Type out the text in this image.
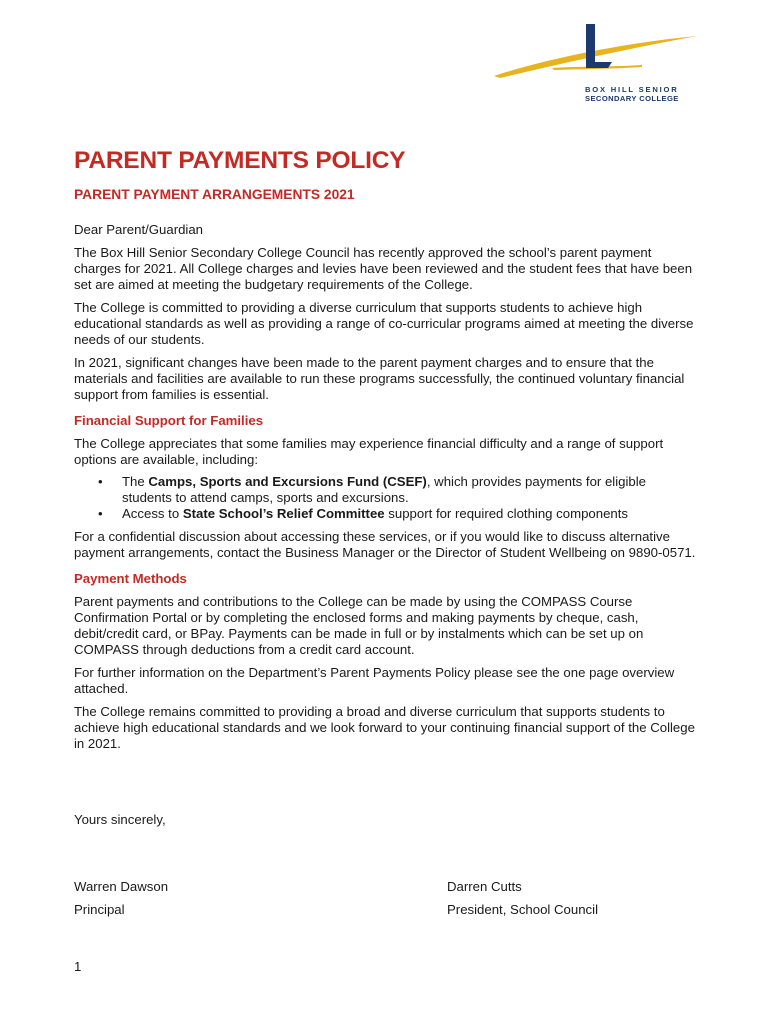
BOX HILL SENIOR
SECONDARY COLLEGE
PARENT PAYMENTS POLICY
PARENT PAYMENT ARRANGEMENTS 2021

Dear Parent/Guardian

The Box Hill Senior Secondary College Council has recently approved the school’s parent payment charges for 2021. All College charges and levies have been reviewed and the student fees that have been set are aimed at meeting the budgetary requirements of the College.

The College is committed to providing a diverse curriculum that supports students to achieve high educational standards as well as providing a range of co-curricular programs aimed at meeting the diverse needs of our students.

In 2021, significant changes have been made to the parent payment charges and to ensure that the materials and facilities are available to run these programs successfully, the continued voluntary financial support from families is essential.

Financial Support for Families

The College appreciates that some families may experience financial difficulty and a range of support options are available, including:

• The Camps, Sports and Excursions Fund (CSEF), which provides payments for eligible students to attend camps, sports and excursions.
• Access to State School’s Relief Committee support for required clothing components

For a confidential discussion about accessing these services, or if you would like to discuss alternative payment arrangements, contact the Business Manager or the Director of Student Wellbeing on 9890-0571.

Payment Methods

Parent payments and contributions to the College can be made by using the COMPASS Course Confirmation Portal or by completing the enclosed forms and making payments by cheque, cash, debit/credit card, or BPay. Payments can be made in full or by instalments which can be set up on COMPASS through deductions from a credit card account.

For further information on the Department’s Parent Payments Policy please see the one page overview attached.

The College remains committed to providing a broad and diverse curriculum that supports students to achieve high educational standards and we look forward to your continuing financial support of the College in 2021.

Yours sincerely,
Warren Dawson
Principal
Darren Cutts
President, School Council
1
